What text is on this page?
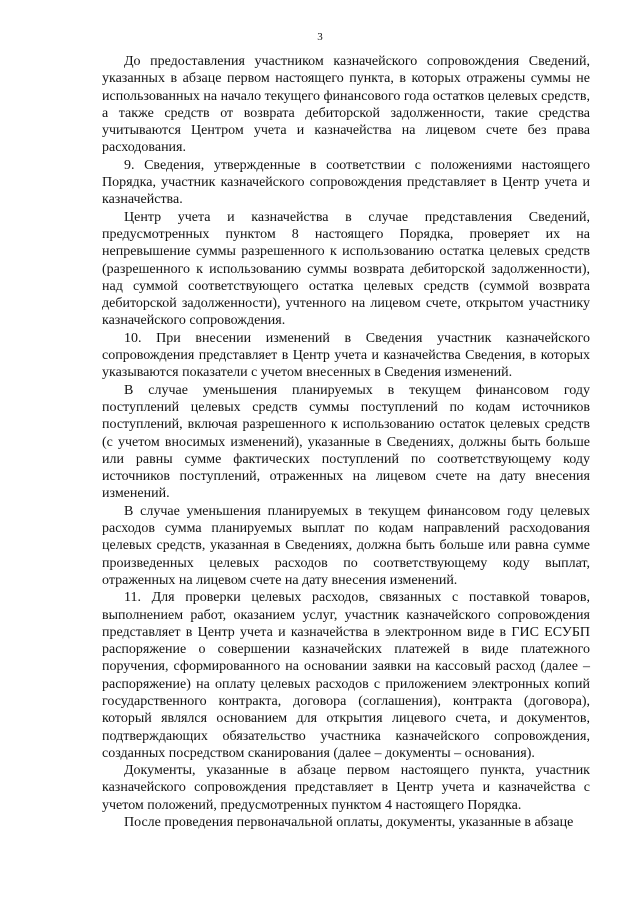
3

До предоставления участником казначейского сопровождения Сведений, указанных в абзаце первом настоящего пункта, в которых отражены суммы не использованных на начало текущего финансового года остатков целевых средств, а также средств от возврата дебиторской задолженности, такие средства учитываются Центром учета и казначейства на лицевом счете без права расходования.

9. Сведения, утвержденные в соответствии с положениями настоящего Порядка, участник казначейского сопровождения представляет в Центр учета и казначейства.

Центр учета и казначейства в случае представления Сведений, предусмотренных пунктом 8 настоящего Порядка, проверяет их на непревышение суммы разрешенного к использованию остатка целевых средств (разрешенного к использованию суммы возврата дебиторской задолженности), над суммой соответствующего остатка целевых средств (суммой возврата дебиторской задолженности), учтенного на лицевом счете, открытом участнику казначейского сопровождения.

10. При внесении изменений в Сведения участник казначейского сопровождения представляет в Центр учета и казначейства Сведения, в которых указываются показатели с учетом внесенных в Сведения изменений.

В случае уменьшения планируемых в текущем финансовом году поступлений целевых средств суммы поступлений по кодам источников поступлений, включая разрешенного к использованию остаток целевых средств (с учетом вносимых изменений), указанные в Сведениях, должны быть больше или равны сумме фактических поступлений по соответствующему коду источников поступлений, отраженных на лицевом счете на дату внесения изменений.

В случае уменьшения планируемых в текущем финансовом году целевых расходов сумма планируемых выплат по кодам направлений расходования целевых средств, указанная в Сведениях, должна быть больше или равна сумме произведенных целевых расходов по соответствующему коду выплат, отраженных на лицевом счете на дату внесения изменений.

11. Для проверки целевых расходов, связанных с поставкой товаров, выполнением работ, оказанием услуг, участник казначейского сопровождения представляет в Центр учета и казначейства в электронном виде в ГИС ЕСУБП распоряжение о совершении казначейских платежей в виде платежного поручения, сформированного на основании заявки на кассовый расход (далее – распоряжение) на оплату целевых расходов с приложением электронных копий государственного контракта, договора (соглашения), контракта (договора), который являлся основанием для открытия лицевого счета, и документов, подтверждающих обязательство участника казначейского сопровождения, созданных посредством сканирования (далее – документы – основания).

Документы, указанные в абзаце первом настоящего пункта, участник казначейского сопровождения представляет в Центр учета и казначейства с учетом положений, предусмотренных пунктом 4 настоящего Порядка.

После проведения первоначальной оплаты, документы, указанные в абзаце
